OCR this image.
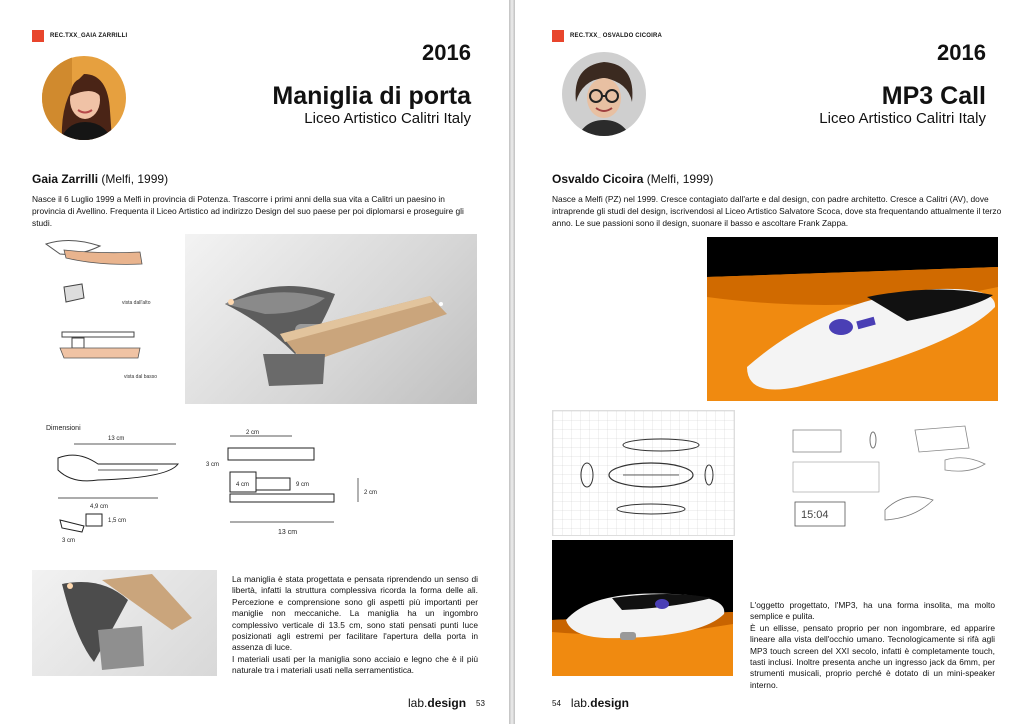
REC.TXX_GAIA ZARRILLI
2016
Maniglia di porta
Liceo Artistico Calitri Italy
Gaia Zarrilli (Melfi, 1999)
Nasce il 6 Luglio 1999 a Melfi in provincia di Potenza. Trascorre i primi anni della sua vita a Calitri un paesino in provincia di Avellino. Frequenta il Liceo Artistico ad indirizzo Design del suo paese per poi diplomarsi e proseguire gli studi.
vista dall'alto
vista dal basso
Dimensioni
13 cm
4,9 cm
1,5 cm
3 cm
2 cm
4 cm	9 cm
13 cm
2 cm
3 cm
La maniglia è stata progettata e pensata riprendendo un senso di libertà, infatti la struttura complessiva ricorda la forma delle ali. Percezione e comprensione sono gli aspetti più importanti per maniglie non meccaniche. La maniglia ha un ingombro complessivo verticale di 13.5 cm, sono stati pensati punti luce posizionati agli estremi per facilitare l'apertura della porta in assenza di luce.
I materiali usati per la maniglia sono acciaio e legno che è il più naturale tra i materiali usati nella serramentistica.
lab.design 53
REC.TXX_ OSVALDO CICOIRA
2016
MP3 Call
Liceo Artistico Calitri Italy
Osvaldo Cicoira (Melfi, 1999)
Nasce a Melfi (PZ) nel 1999. Cresce contagiato dall'arte e dal design, con padre architetto. Cresce a Calitri (AV), dove intraprende gli studi del design, iscrivendosi al Liceo Artistico Salvatore Scoca, dove sta frequentando attualmente il terzo anno. Le sue passioni sono il design, suonare il basso e ascoltare Frank Zappa.
15:04
L'oggetto progettato, l'MP3, ha una forma insolita, ma molto semplice e pulita.
È un ellisse, pensato proprio per non ingombrare, ed apparire lineare alla vista dell'occhio umano. Tecnologicamente si rifà agli MP3 touch screen del XXI secolo, infatti è completamente touch, tasti inclusi. Inoltre presenta anche un ingresso jack da 6mm, per strumenti musicali, proprio perché è dotato di un mini-speaker interno.
54 lab.design
